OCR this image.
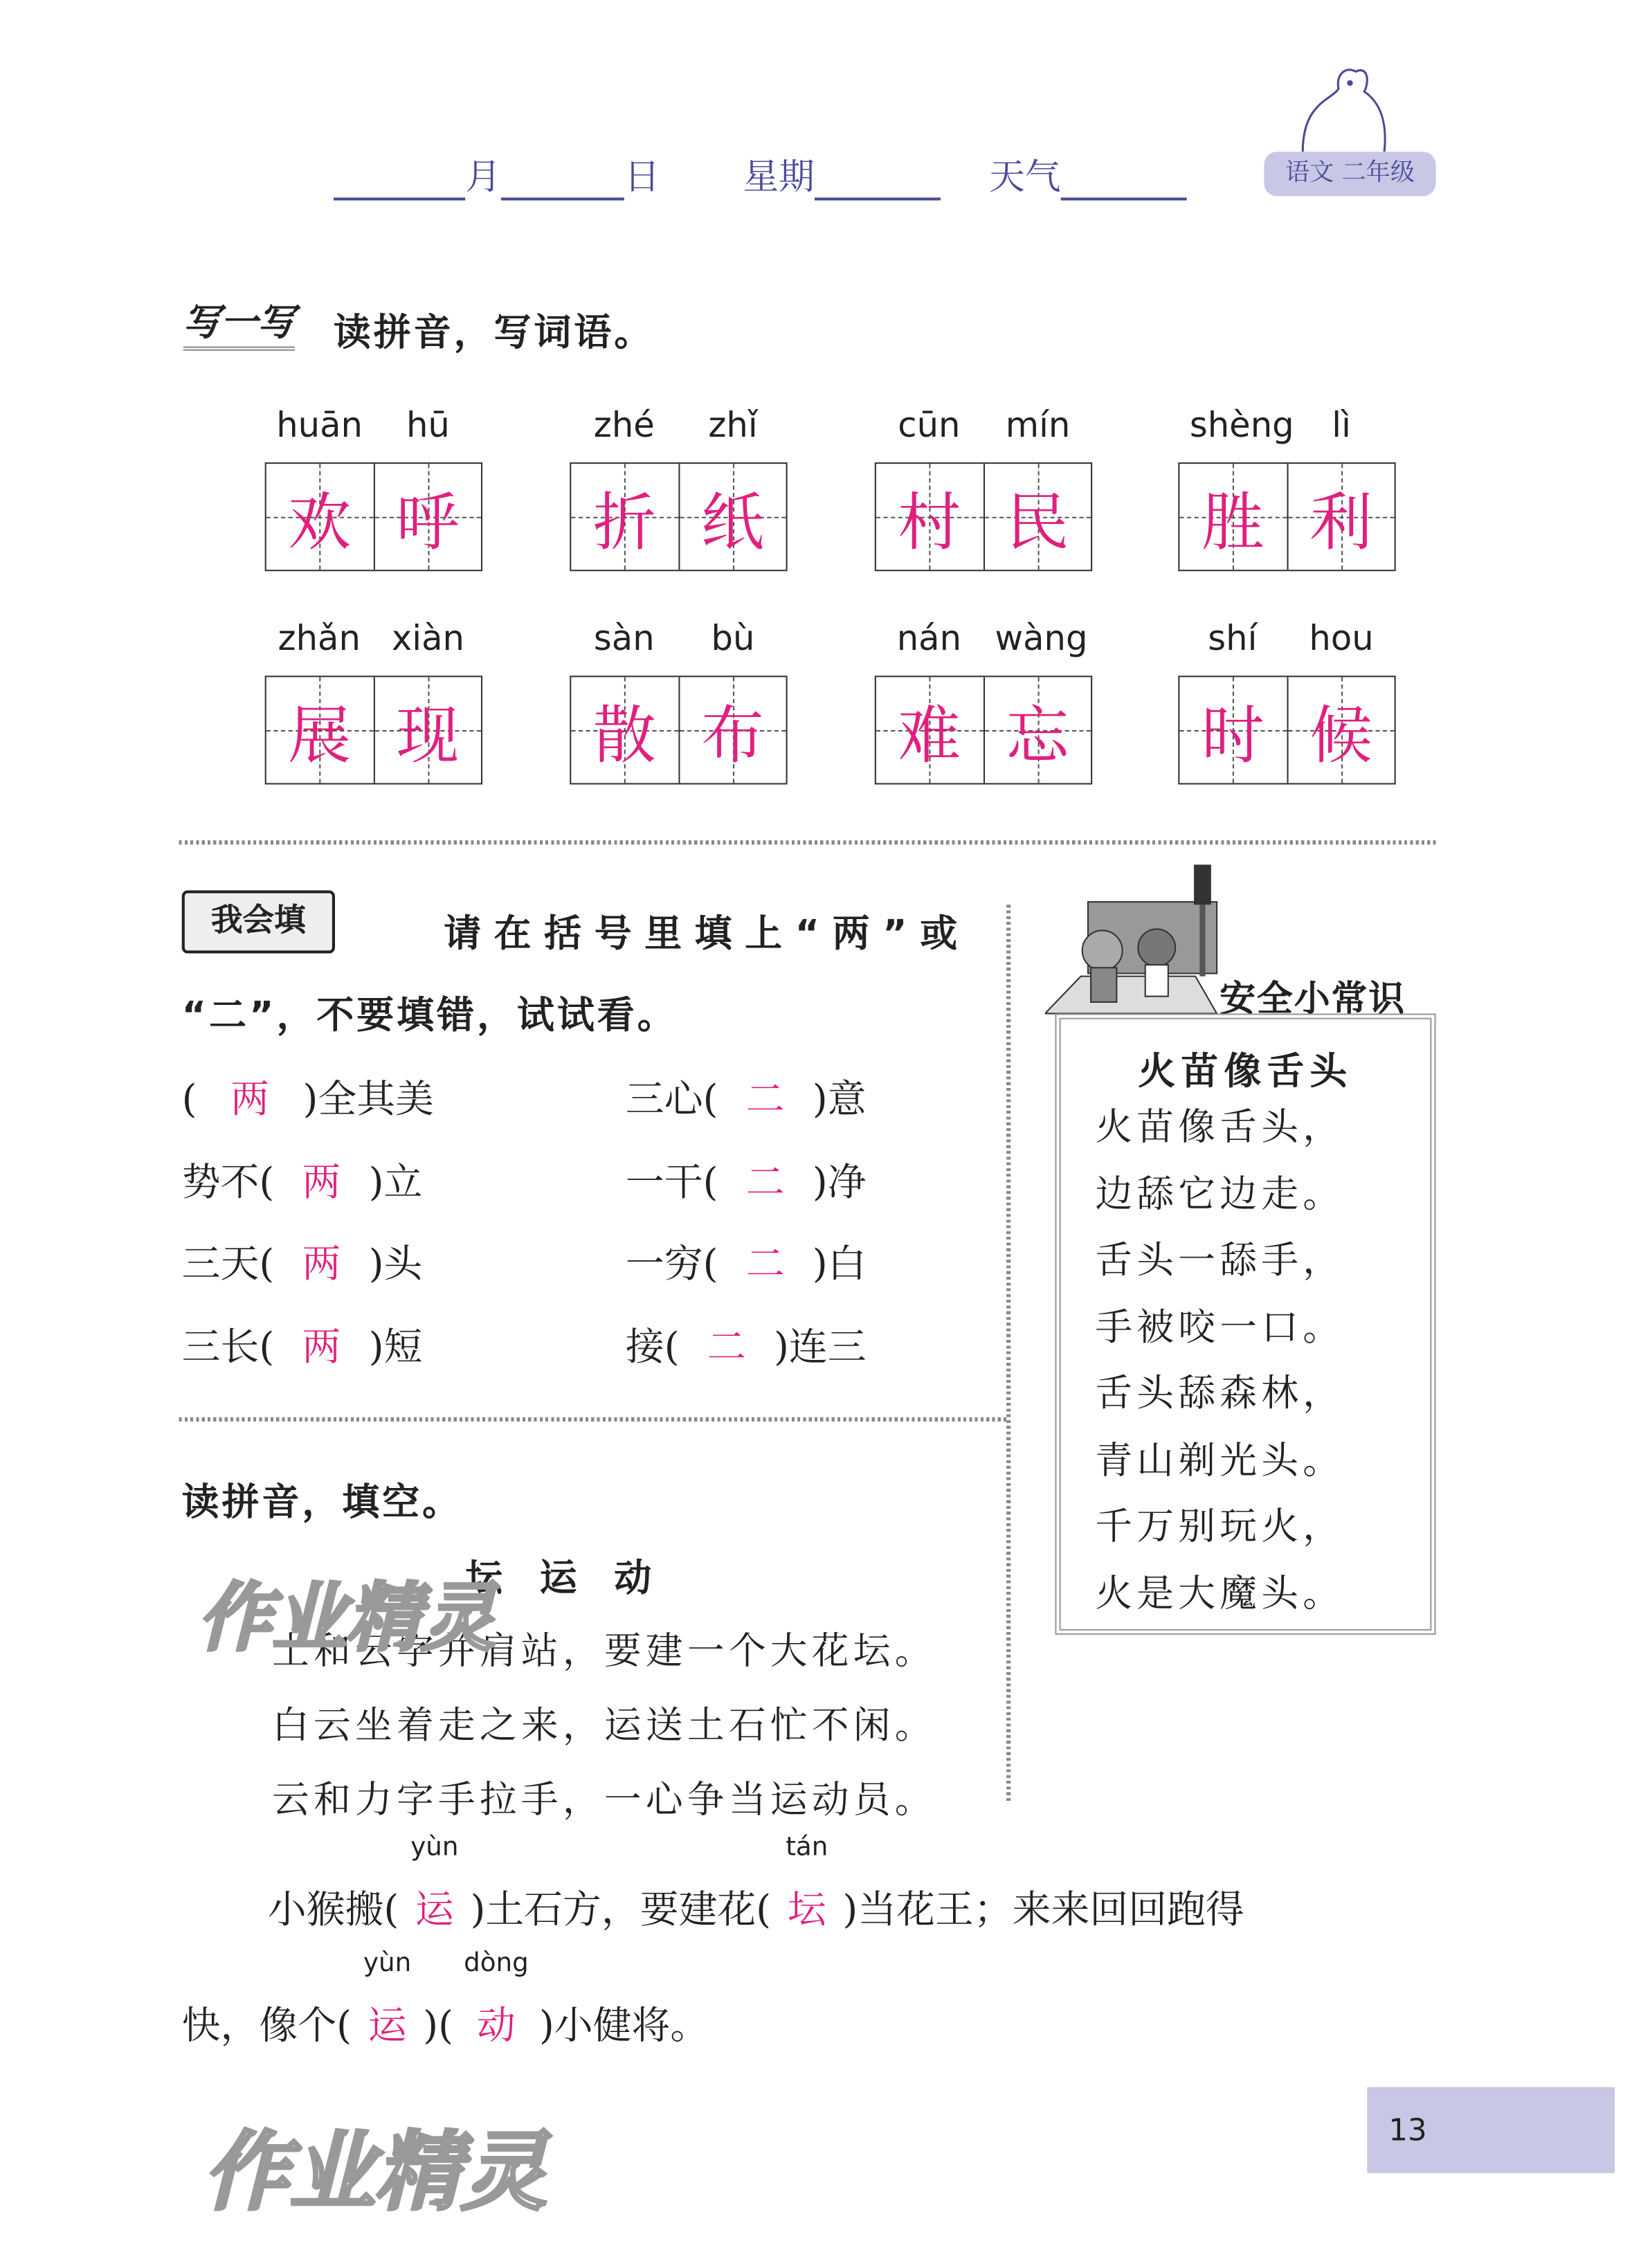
月	日	星期	天气	语文 二年级
写一写 读拼音，写词语。
huān	hū
欢 呼
zhé	zhǐ
折 纸
cūn	mín
村 民
shèng	lì
胜 利
zhǎn	xiàn
展 现
sàn	bù
散 布
nán	wàng
难 忘
shí	hou
时 候
我会填	请 在 括 号 里 填 上 “ 两 ” 或
“二”，不要填错，试试看。
( 两 )全其美	三心( 二 )意
势不( 两 )立	一干( 二 )净
三天( 两 )头	一穷( 二 )白
三长( 两 )短	接( 二 )连三
读拼音，填空。
坛　运　动
土和云字并肩站，要建一个大花坛。
白云坐着走之来，运送土石忙不闲。
云和力字手拉手，一心争当运动员。
小猴搬(
yùn
运 )土石方，要建花(
tán
坛 )当花王；来来回回跑得
快，像个(
yùn
运 )(
dòng
动 )小健将。
安全小常识
火苗像舌头
火苗像舌头，
边舔它边走。
舌头一舔手，
手被咬一口。
舌头舔森林，
青山剃光头。
千万别玩火，
火是大魔头。
作业精灵
作业精灵	13
